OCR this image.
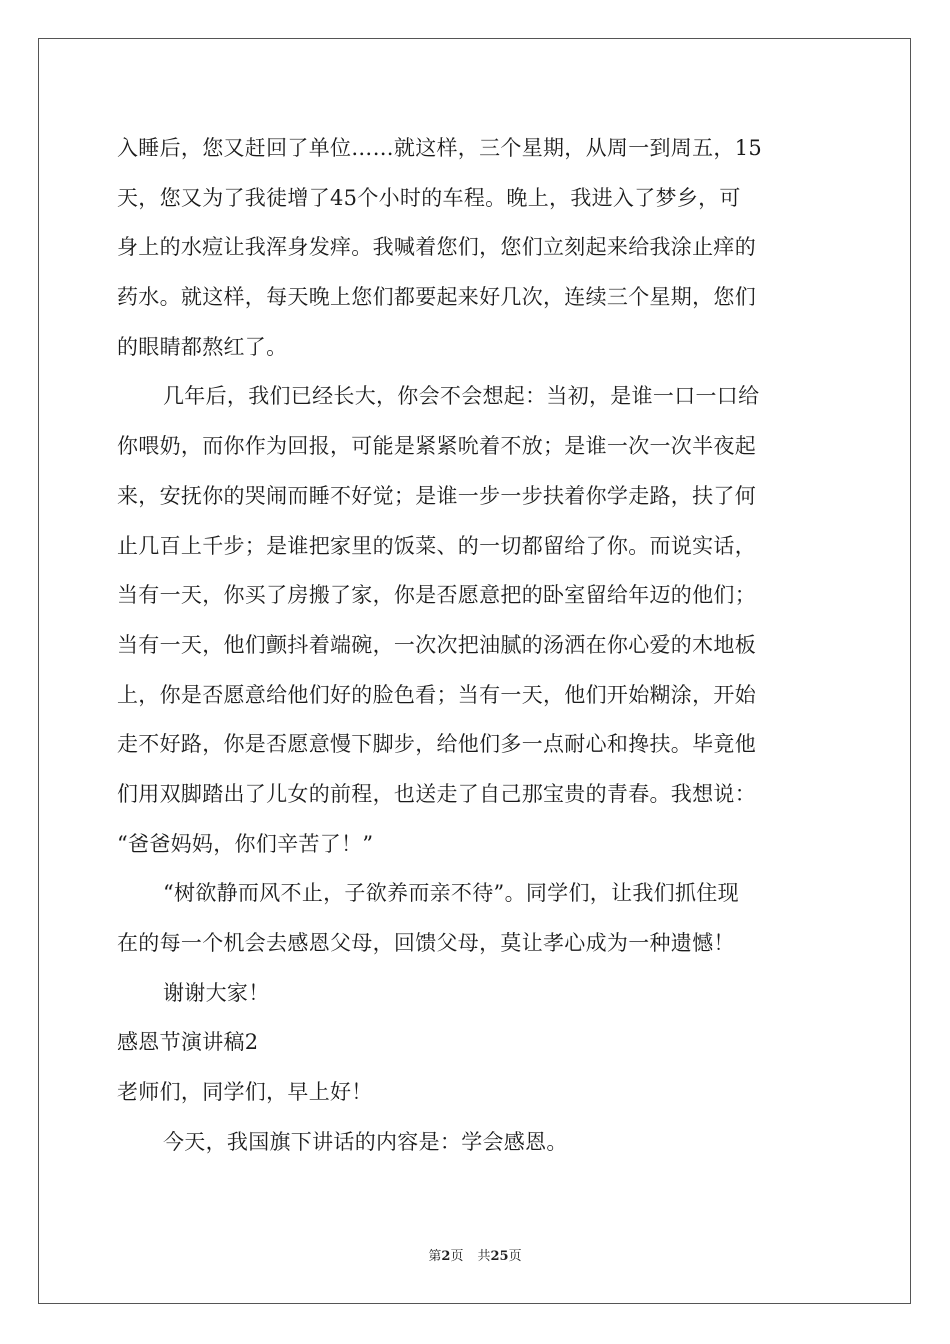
入睡后，您又赶回了单位……就这样，三个星期，从周一到周五，15
天，您又为了我徒增了45个小时的车程。晚上，我进入了梦乡，可
身上的水痘让我浑身发痒。我喊着您们，您们立刻起来给我涂止痒的
药水。就这样，每天晚上您们都要起来好几次，连续三个星期，您们
的眼睛都熬红了。
几年后，我们已经长大，你会不会想起：当初，是谁一口一口给
你喂奶，而你作为回报，可能是紧紧吮着不放；是谁一次一次半夜起
来，安抚你的哭闹而睡不好觉；是谁一步一步扶着你学走路，扶了何
止几百上千步；是谁把家里的饭菜、的一切都留给了你。而说实话，
当有一天，你买了房搬了家，你是否愿意把的卧室留给年迈的他们；
当有一天，他们颤抖着端碗，一次次把油腻的汤洒在你心爱的木地板
上，你是否愿意给他们好的脸色看；当有一天，他们开始糊涂，开始
走不好路，你是否愿意慢下脚步，给他们多一点耐心和搀扶。毕竟他
们用双脚踏出了儿女的前程，也送走了自己那宝贵的青春。我想说：
“爸爸妈妈，你们辛苦了！”
“树欲静而风不止，子欲养而亲不待”。同学们，让我们抓住现
在的每一个机会去感恩父母，回馈父母，莫让孝心成为一种遗憾！
谢谢大家！
感恩节演讲稿2
老师们，同学们，早上好！
今天，我国旗下讲话的内容是：学会感恩。
第2页 共25页
